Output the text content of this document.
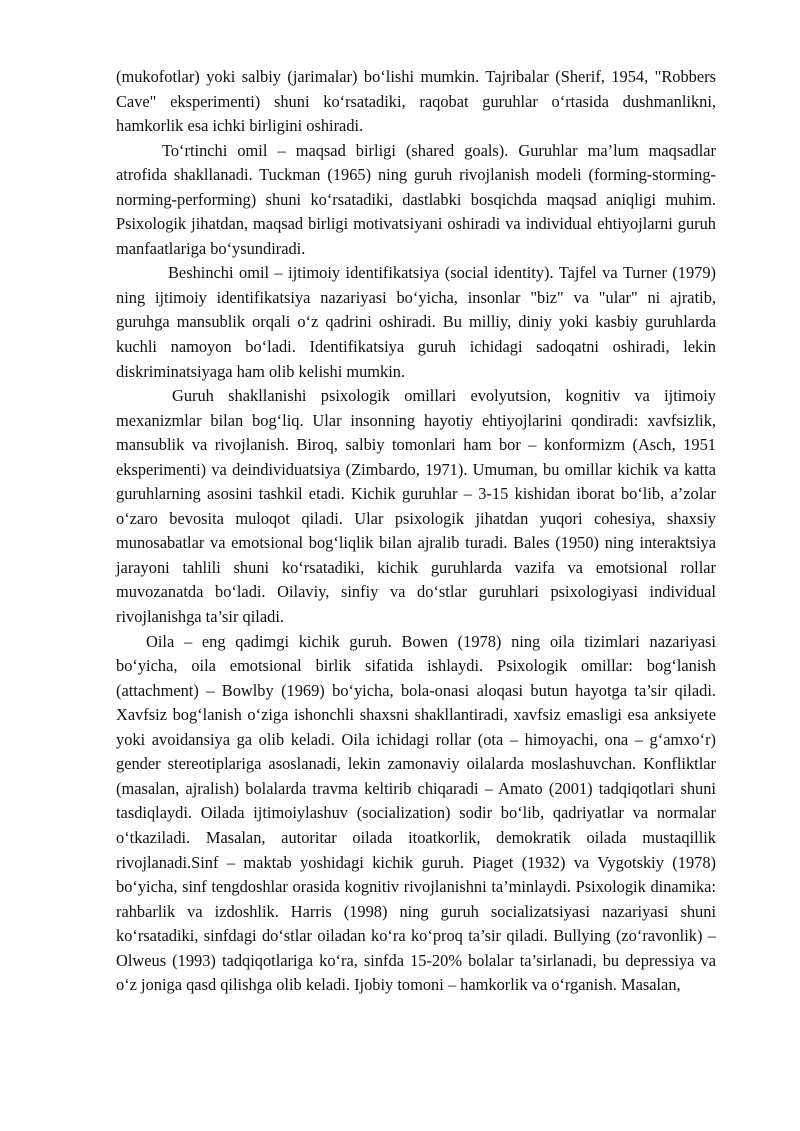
(mukofotlar) yoki salbiy (jarimalar) bo‘lishi mumkin. Tajribalar (Sherif, 1954, "Robbers Cave" eksperimenti) shuni ko‘rsatadiki, raqobat guruhlar o‘rtasida dushmanlikni, hamkorlik esa ichki birligini oshiradi.

To‘rtinchi omil – maqsad birligi (shared goals). Guruhlar ma’lum maqsadlar atrofida shakllanadi. Tuckman (1965) ning guruh rivojlanish modeli (forming-storming-norming-performing) shuni ko‘rsatadiki, dastlabki bosqichda maqsad aniqligi muhim. Psixologik jihatdan, maqsad birligi motivatsiyani oshiradi va individual ehtiyojlarni guruh manfaatlariga bo‘ysundiradi.

Beshinchi omil – ijtimoiy identifikatsiya (social identity). Tajfel va Turner (1979) ning ijtimoiy identifikatsiya nazariyasi bo‘yicha, insonlar "biz" va "ular" ni ajratib, guruhga mansublik orqali o‘z qadrini oshiradi. Bu milliy, diniy yoki kasbiy guruhlarda kuchli namoyon bo‘ladi. Identifikatsiya guruh ichidagi sadoqatni oshiradi, lekin diskriminatsiyaga ham olib kelishi mumkin.

Guruh shakllanishi psixologik omillari evolyutsion, kognitiv va ijtimoiy mexanizmlar bilan bog‘liq. Ular insonning hayotiy ehtiyojlarini qondiradi: xavfsizlik, mansublik va rivojlanish. Biroq, salbiy tomonlari ham bor – konformizm (Asch, 1951 eksperimenti) va deindividuatsiya (Zimbardo, 1971). Umuman, bu omillar kichik va katta guruhlarning asosini tashkil etadi. Kichik guruhlar – 3-15 kishidan iborat bo‘lib, a’zolar o‘zaro bevosita muloqot qiladi. Ular psixologik jihatdan yuqori cohesiya, shaxsiy munosabatlar va emotsional bog‘liqlik bilan ajralib turadi. Bales (1950) ning interaktsiya jarayoni tahlili shuni ko‘rsatadiki, kichik guruhlarda vazifa va emotsional rollar muvozanatda bo‘ladi. Oilaviy, sinfiy va do‘stlar guruhlari psixologiyasi individual rivojlanishga ta’sir qiladi.

Oila – eng qadimgi kichik guruh. Bowen (1978) ning oila tizimlari nazariyasi bo‘yicha, oila emotsional birlik sifatida ishlaydi. Psixologik omillar: bog‘lanish (attachment) – Bowlby (1969) bo‘yicha, bola-onasi aloqasi butun hayotga ta’sir qiladi. Xavfsiz bog‘lanish o‘ziga ishonchli shaxsni shakllantiradi, xavfsiz emasligi esa anksiyete yoki avoidansiya ga olib keladi. Oila ichidagi rollar (ota – himoyachi, ona – g‘amxo‘r) gender stereotiplariga asoslanadi, lekin zamonaviy oilalarda moslashuvchan. Konfliktlar (masalan, ajralish) bolalarda travma keltirib chiqaradi – Amato (2001) tadqiqotlari shuni tasdiqlaydi. Oilada ijtimoiylashuv (socialization) sodir bo‘lib, qadriyatlar va normalar o‘tkaziladi. Masalan, autoritar oilada itoatkorlik, demokratik oilada mustaqillik rivojlanadi.Sinf – maktab yoshidagi kichik guruh. Piaget (1932) va Vygotskiy (1978) bo‘yicha, sinf tengdoshlar orasida kognitiv rivojlanishni ta’minlaydi. Psixologik dinamika: rahbarlik va izdoshlik. Harris (1998) ning guruh socializatsiyasi nazariyasi shuni ko‘rsatadiki, sinfdagi do‘stlar oiladan ko‘ra ko‘proq ta’sir qiladi. Bullying (zo‘ravonlik) – Olweus (1993) tadqiqotlariga ko‘ra, sinfda 15-20% bolalar ta’sirlanadi, bu depressiya va o‘z joniga qasd qilishga olib keladi. Ijobiy tomoni – hamkorlik va o‘rganish. Masalan,
